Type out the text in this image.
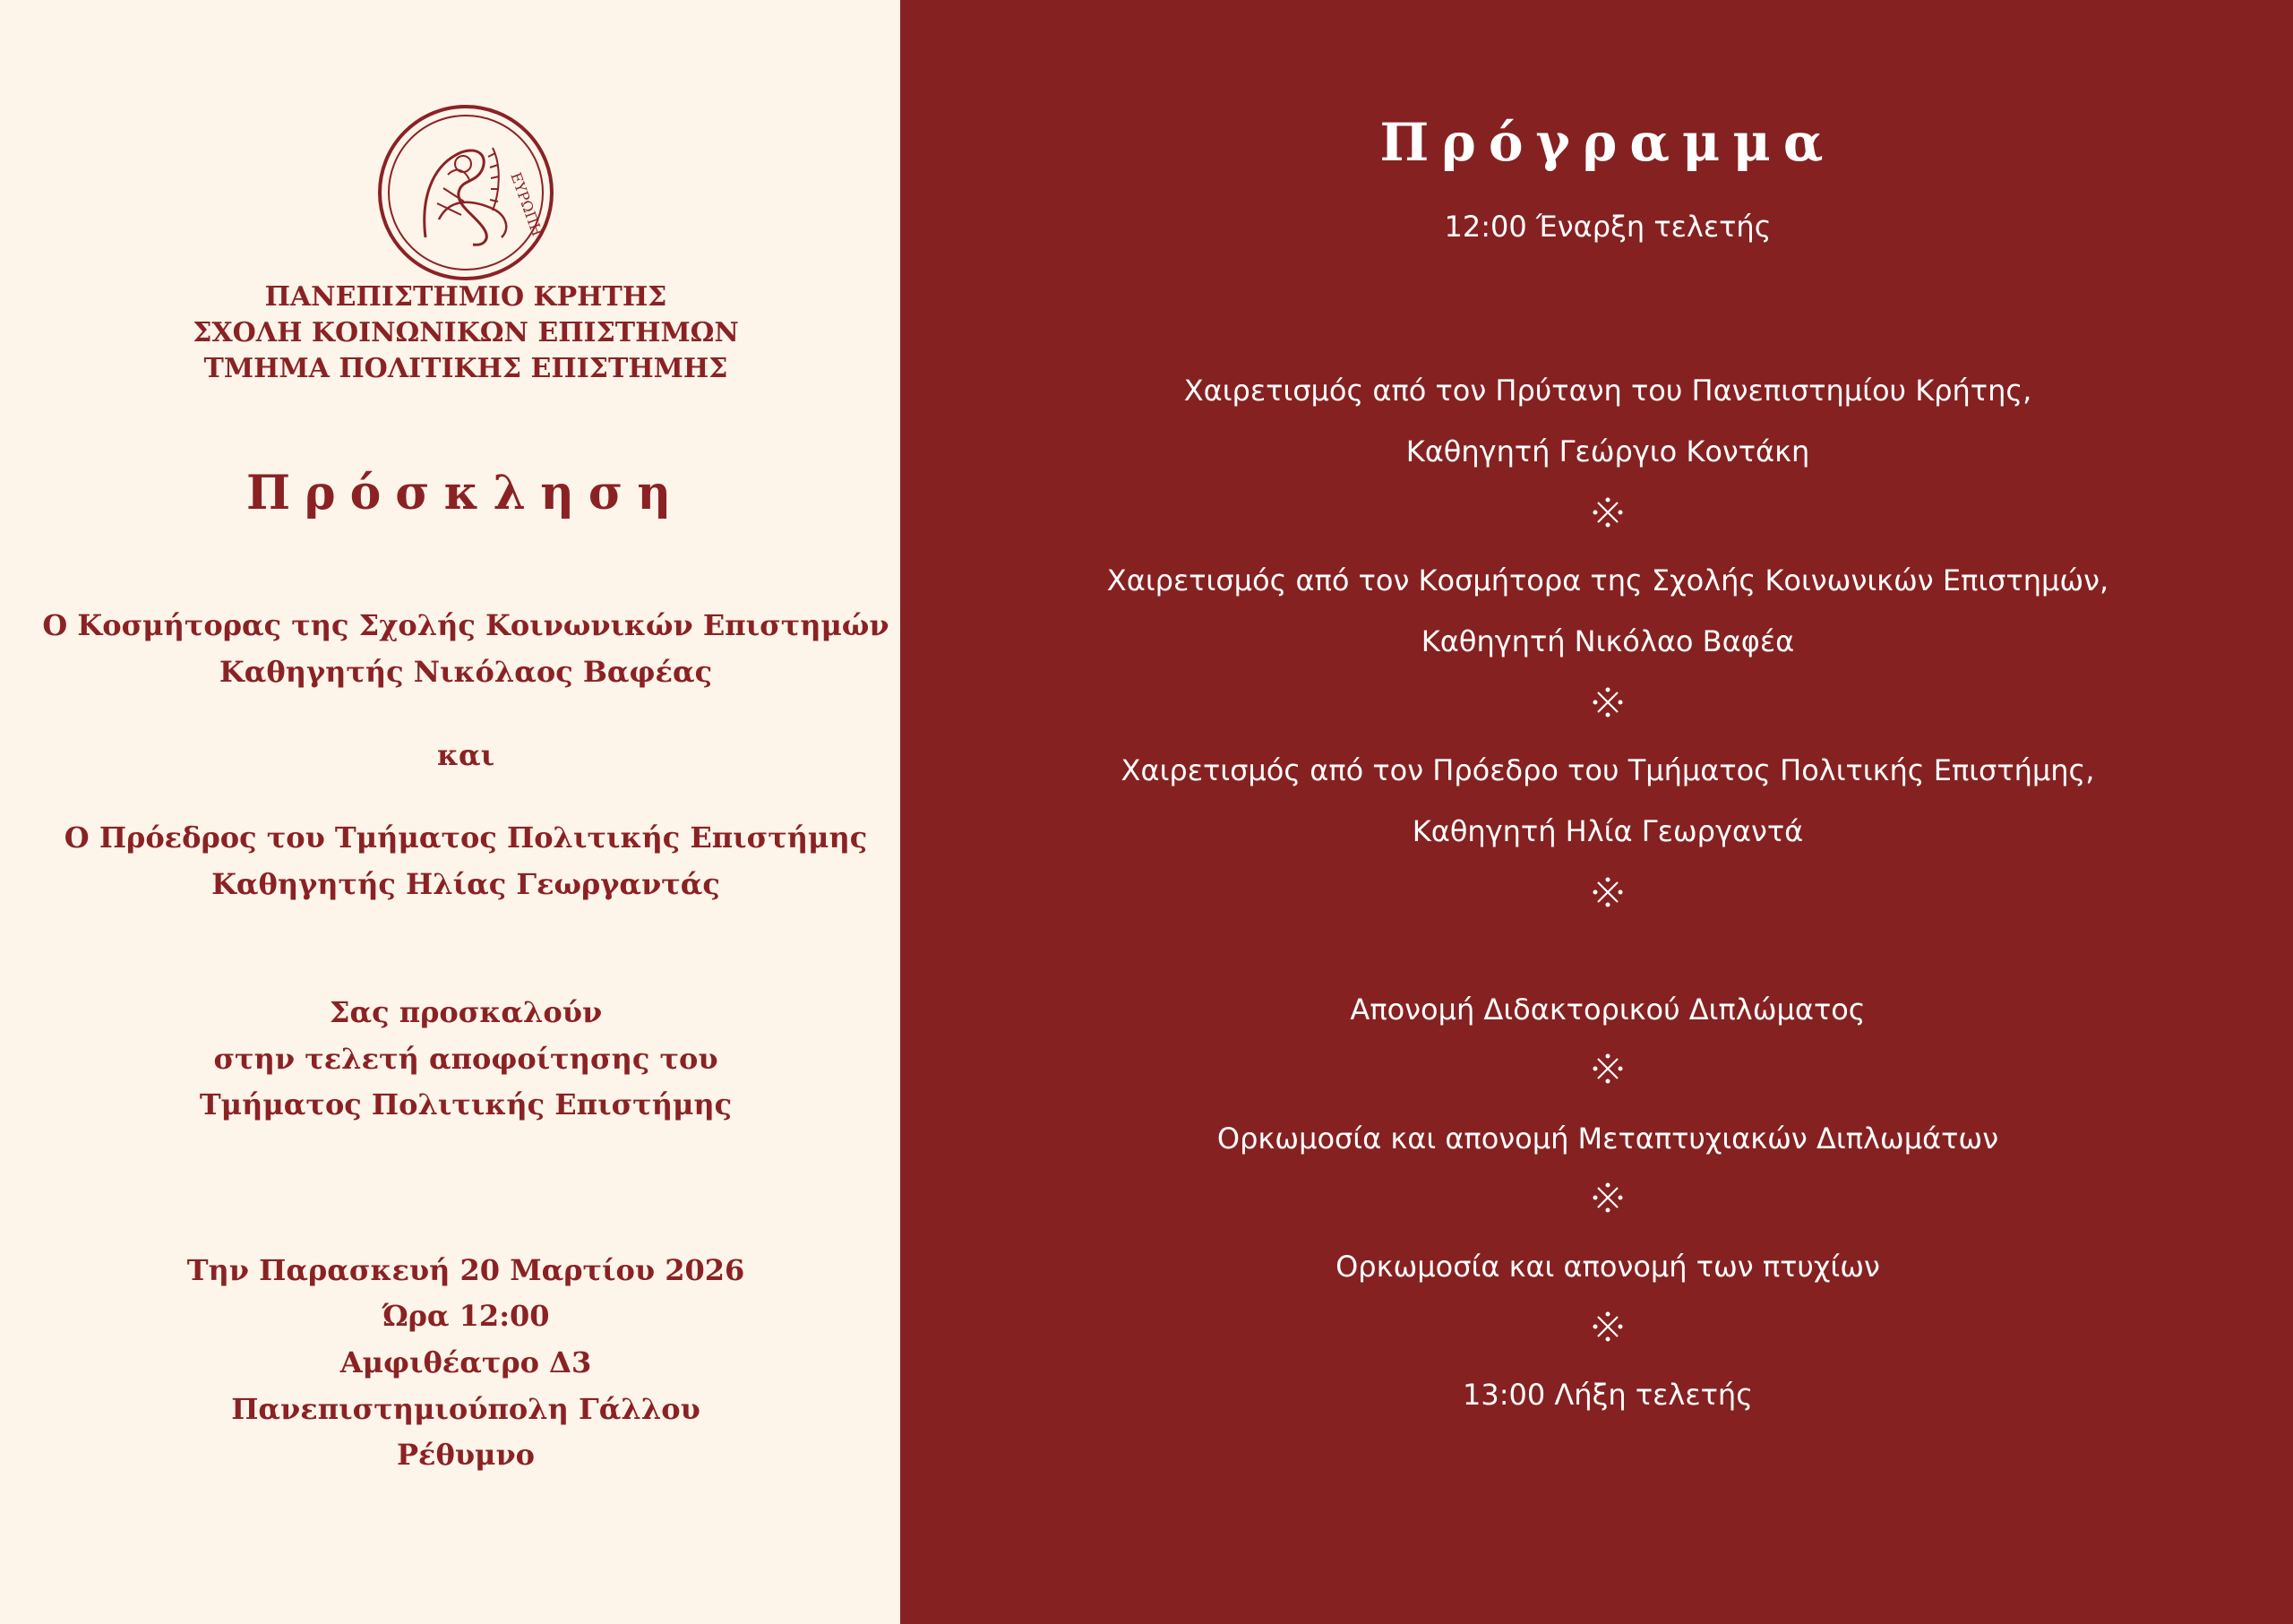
ΕΥΡΩΠΗ
ΠΑΝΕΠΙΣΤΗΜΙΟ ΚΡΗΤΗΣ
ΣΧΟΛΗ ΚΟΙΝΩΝΙΚΩΝ ΕΠΙΣΤΗΜΩΝ
ΤΜΗΜΑ ΠΟΛΙΤΙΚΗΣ ΕΠΙΣΤΗΜΗΣ
Πρόσκληση
Ο Κοσμήτορας της Σχολής Κοινωνικών Επιστημών
Καθηγητής Νικόλαος Βαφέας
και
Ο Πρόεδρος του Τμήματος Πολιτικής Επιστήμης
Καθηγητής Ηλίας Γεωργαντάς
Σας προσκαλούν
στην τελετή αποφοίτησης του
Τμήματος Πολιτικής Επιστήμης
Την Παρασκευή 20 Μαρτίου 2026
Ώρα 12:00
Αμφιθέατρο Δ3
Πανεπιστημιούπολη Γάλλου
Ρέθυμνο
Πρόγραμμα
12:00 Έναρξη τελετής
Χαιρετισμός από τον Πρύτανη του Πανεπιστημίου Κρήτης,
Καθηγητή Γεώργιο Κοντάκη
Χαιρετισμός από τον Κοσμήτορα της Σχολής Κοινωνικών Επιστημών,
Καθηγητή Νικόλαο Βαφέα
Χαιρετισμός από τον Πρόεδρο του Τμήματος Πολιτικής Επιστήμης,
Καθηγητή Ηλία Γεωργαντά
Απονομή Διδακτορικού Διπλώματος
Ορκωμοσία και απονομή Μεταπτυχιακών Διπλωμάτων
Ορκωμοσία και απονομή των πτυχίων
13:00 Λήξη τελετής
